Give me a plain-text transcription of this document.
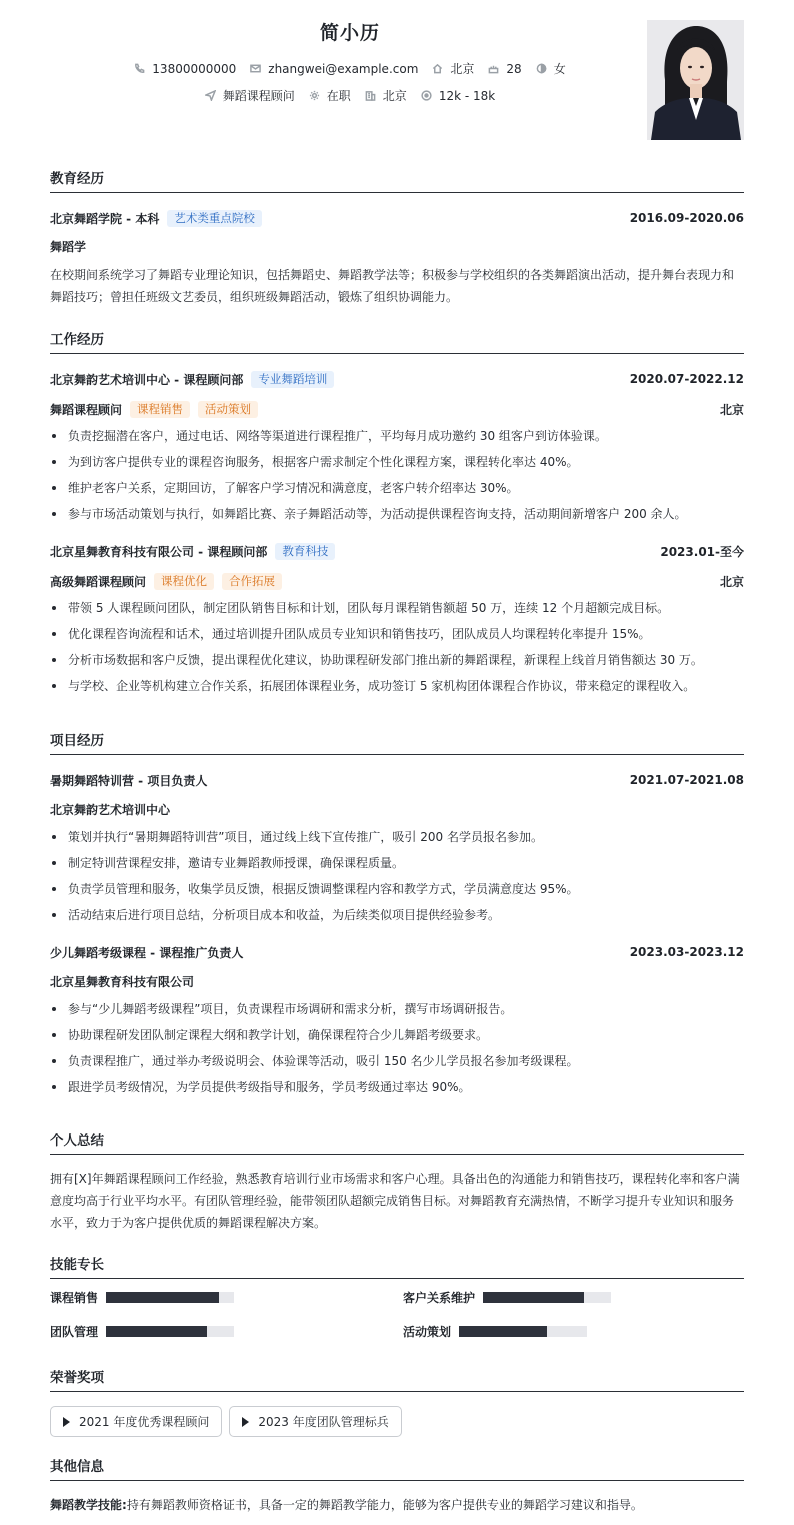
简小历
13800000000	zhangwei@example.com	北京	28	女
舞蹈课程顾问	在职	北京	12k - 18k
教育经历
北京舞蹈学院 - 本科	艺术类重点院校	2016.09-2020.06
舞蹈学

在校期间系统学习了舞蹈专业理论知识，包括舞蹈史、舞蹈教学法等；积极参与学校组织的各类舞蹈演出活动，提升舞台表现力和舞蹈技巧；曾担任班级文艺委员，组织班级舞蹈活动，锻炼了组织协调能力。

工作经历
北京舞韵艺术培训中心 - 课程顾问部	专业舞蹈培训	2020.07-2022.12
舞蹈课程顾问	课程销售	活动策划	北京
负责挖掘潜在客户，通过电话、网络等渠道进行课程推广，平均每月成功邀约 30 组客户到访体验课。
为到访客户提供专业的课程咨询服务，根据客户需求制定个性化课程方案，课程转化率达 40%。
维护老客户关系，定期回访，了解客户学习情况和满意度，老客户转介绍率达 30%。
参与市场活动策划与执行，如舞蹈比赛、亲子舞蹈活动等，为活动提供课程咨询支持，活动期间新增客户 200 余人。
北京星舞教育科技有限公司 - 课程顾问部	教育科技	2023.01-至今
高级舞蹈课程顾问	课程优化	合作拓展	北京
带领 5 人课程顾问团队，制定团队销售目标和计划，团队每月课程销售额超 50 万，连续 12 个月超额完成目标。
优化课程咨询流程和话术，通过培训提升团队成员专业知识和销售技巧，团队成员人均课程转化率提升 15%。
分析市场数据和客户反馈，提出课程优化建议，协助课程研发部门推出新的舞蹈课程，新课程上线首月销售额达 30 万。
与学校、企业等机构建立合作关系，拓展团体课程业务，成功签订 5 家机构团体课程合作协议，带来稳定的课程收入。
项目经历
暑期舞蹈特训营 - 项目负责人	2021.07-2021.08
北京舞韵艺术培训中心
策划并执行“暑期舞蹈特训营”项目，通过线上线下宣传推广，吸引 200 名学员报名参加。
制定特训营课程安排，邀请专业舞蹈教师授课，确保课程质量。
负责学员管理和服务，收集学员反馈，根据反馈调整课程内容和教学方式，学员满意度达 95%。
活动结束后进行项目总结，分析项目成本和收益，为后续类似项目提供经验参考。
少儿舞蹈考级课程 - 课程推广负责人	2023.03-2023.12
北京星舞教育科技有限公司
参与“少儿舞蹈考级课程”项目，负责课程市场调研和需求分析，撰写市场调研报告。
协助课程研发团队制定课程大纲和教学计划，确保课程符合少儿舞蹈考级要求。
负责课程推广，通过举办考级说明会、体验课等活动，吸引 150 名少儿学员报名参加考级课程。
跟进学员考级情况，为学员提供考级指导和服务，学员考级通过率达 90%。
个人总结

拥有[X]年舞蹈课程顾问工作经验，熟悉教育培训行业市场需求和客户心理。具备出色的沟通能力和销售技巧，课程转化率和客户满意度均高于行业平均水平。有团队管理经验，能带领团队超额完成销售目标。对舞蹈教育充满热情，不断学习提升专业知识和服务水平，致力于为客户提供优质的舞蹈课程解决方案。

技能专长
课程销售	客户关系维护
团队管理	活动策划
荣誉奖项
2021 年度优秀课程顾问	2023 年度团队管理标兵
其他信息
舞蹈教学技能:持有舞蹈教师资格证书，具备一定的舞蹈教学能力，能够为客户提供专业的舞蹈学习建议和指导。
